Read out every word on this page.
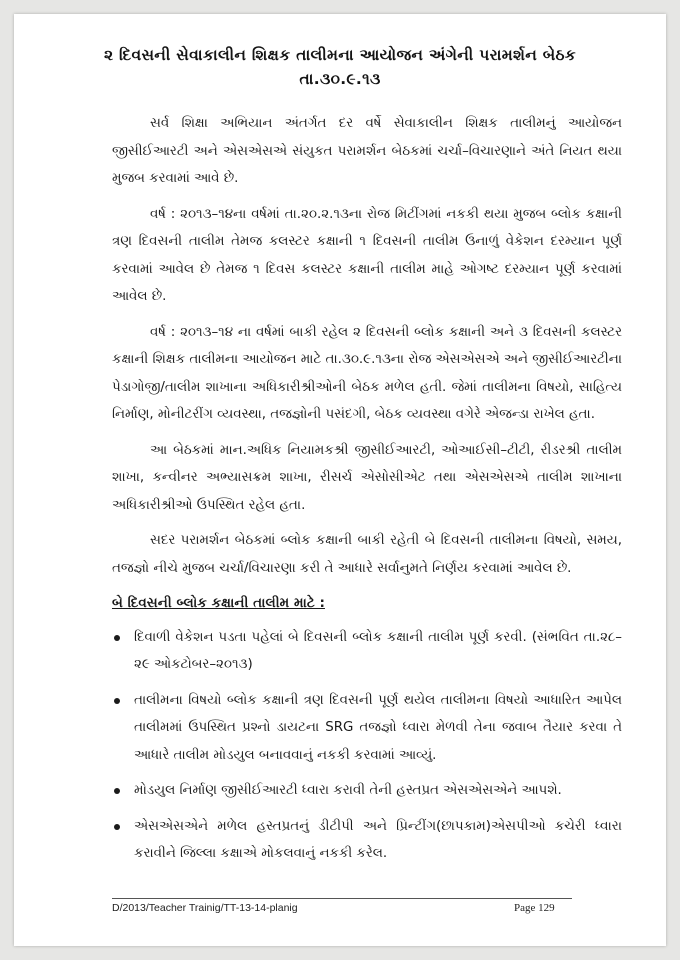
૨ દિવસની સેવાકાલીન શિક્ષક તાલીમના આયોજન અંગેની પરામર્શન બેઠક
તા.૩૦.૯.૧૩

સર્વ શિક્ષા અભિયાન અંતર્ગત દર વર્ષે સેવાકાલીન શિક્ષક તાલીમનું આયોજન જીસીઈઆરટી અને એસએસએ સંયુકત પરામર્શન બેઠકમાં ચર્ચા–વિચારણાને અંતે નિયત થયા મુજબ કરવામાં આવે છે.

વર્ષ : ૨૦૧૩–૧૪ના વર્ષમાં તા.૨૦.૨.૧૩ના રોજ મિટીંગમાં નકકી થયા મુજબ બ્લોક કક્ષાની ત્રણ દિવસની તાલીમ તેમજ કલસ્ટર કક્ષાની ૧ દિવસની તાલીમ ઉનાળું વેકેશન દરમ્યાન પૂર્ણ કરવામાં આવેલ છે તેમજ ૧ દિવસ કલસ્ટર કક્ષાની તાલીમ માહે ઓગષ્ટ દરમ્યાન પૂર્ણ કરવામાં આવેલ છે.

વર્ષ : ૨૦૧૩–૧૪ ના વર્ષમાં બાકી રહેલ ૨ દિવસની બ્લોક કક્ષાની અને ૩ દિવસની કલસ્ટર કક્ષાની શિક્ષક તાલીમના આયોજન માટે તા.૩૦.૯.૧૩ના રોજ એસએસએ અને જીસીઈઆરટીના પેડાગોજી/તાલીમ શાખાના અધિકારીશ્રીઓની બેઠક મળેલ હતી. જેમાં તાલીમના વિષયો, સાહિત્ય નિર્માણ, મોનીટરીંગ વ્યવસ્થા, તજજ્ઞોની પસંદગી, બેઠક વ્યવસ્થા વગેરે એજન્ડા રાખેલ હતા.

આ બેઠકમાં માન.અધિક નિયામકશ્રી જીસીઈઆરટી, ઓઆઈસી–ટીટી, રીડરશ્રી તાલીમ શાખા, કન્વીનર અભ્યાસક્રમ શાખા, રીસર્ચ એસોસીએટ તથા એસએસએ તાલીમ શાખાના અધિકારીશ્રીઓ ઉપસ્થિત રહેલ હતા.

સદર પરામર્શન બેઠકમાં બ્લોક કક્ષાની બાકી રહેતી બે દિવસની તાલીમના વિષયો, સમય, તજજ્ઞો નીચે મુજબ ચર્ચા/વિચારણા કરી તે આધારે સર્વાનુમતે નિર્ણય કરવામાં આવેલ છે.

બે દિવસની બ્લોક કક્ષાની તાલીમ માટે :
દિવાળી વેકેશન પડતા પહેલાં બે દિવસની બ્લોક કક્ષાની તાલીમ પૂર્ણ કરવી. (સંભવિત તા.૨૮–૨૯ ઓકટોબર–૨૦૧૩)
તાલીમના વિષયો બ્લોક કક્ષાની ત્રણ દિવસની પૂર્ણ થયેલ તાલીમના વિષયો આધારિત આપેલ તાલીમમાં ઉપસ્થિત પ્રશ્નો ડાયટના SRG તજજ્ઞો ધ્વારા મેળવી તેના જવાબ તૈયાર કરવા તે આધારે તાલીમ મોડયુલ બનાવવાનું નકકી કરવામાં આવ્યું.
મોડયુલ નિર્માણ જીસીઈઆરટી ધ્વારા કરાવી તેની હસ્તપ્રત એસએસએને આપશે.
એસએસએને મળેલ હસ્તપ્રતનું ડીટીપી અને પ્રિન્ટીંગ(છાપકામ)એસપીઓ કચેરી ધ્વારા કરાવીને જિલ્લા કક્ષાએ મોકલવાનું નકકી કરેલ.
D/2013/Teacher Trainig/TT-13-14-planig	Page 129
